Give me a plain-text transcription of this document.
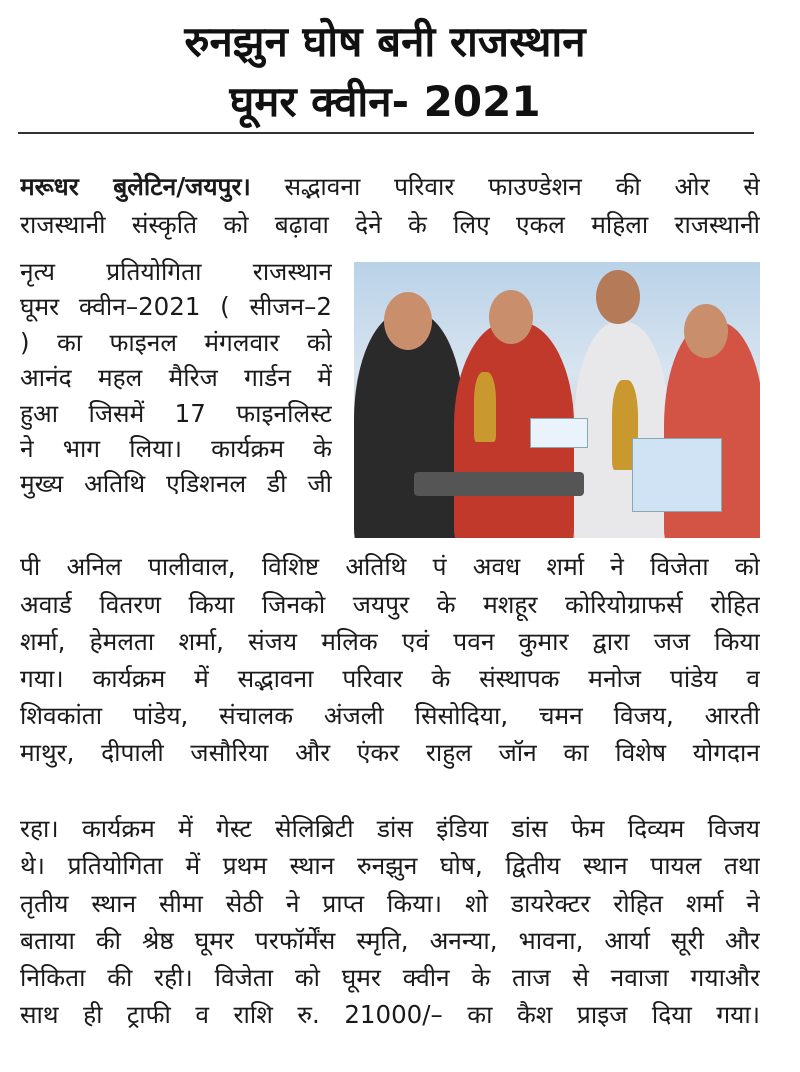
रुनझुन घोष बनी राजस्थान
घूमर क्वीन- 2021
मरूधर बुलेटिन/जयपुर। सद्भावना परिवार फाउण्डेशन की ओर से
राजस्थानी संस्कृति को बढ़ावा देने के लिए एकल महिला राजस्थानी
नृत्य प्रतियोगिता राजस्थान
घूमर क्वीन–2021 ( सीजन–2
) का फाइनल मंगलवार को
आनंद महल मैरिज गार्डन में
हुआ जिसमें 17 फाइनलिस्ट
ने भाग लिया। कार्यक्रम के
मुख्य अतिथि एडिशनल डी जी
पी अनिल पालीवाल, विशिष्ट अतिथि पं अवध शर्मा ने विजेता को
अवार्ड वितरण किया जिनको जयपुर के मशहूर कोरियोग्राफर्स रोहित
शर्मा, हेमलता शर्मा, संजय मलिक एवं पवन कुमार द्वारा जज किया
गया। कार्यक्रम में सद्भावना परिवार के संस्थापक मनोज पांडेय व
शिवकांता पांडेय, संचालक अंजली सिसोदिया, चमन विजय, आरती
माथुर, दीपाली जसौरिया और एंकर राहुल जॉन का विशेष योगदान
रहा। कार्यक्रम में गेस्ट सेलिब्रिटी डांस इंडिया डांस फेम दिव्यम विजय
थे। प्रतियोगिता में प्रथम स्थान रुनझुन घोष, द्वितीय स्थान पायल तथा
तृतीय स्थान सीमा सेठी ने प्राप्त किया। शो डायरेक्टर रोहित शर्मा ने
बताया की श्रेष्ठ घूमर परफॉर्मेंस स्मृति, अनन्या, भावना, आर्या सूरी और
निकिता की रही। विजेता को घूमर क्वीन के ताज से नवाजा गयाऔर
साथ ही ट्राफी व राशि रु. 21000/– का कैश प्राइज दिया गया।
